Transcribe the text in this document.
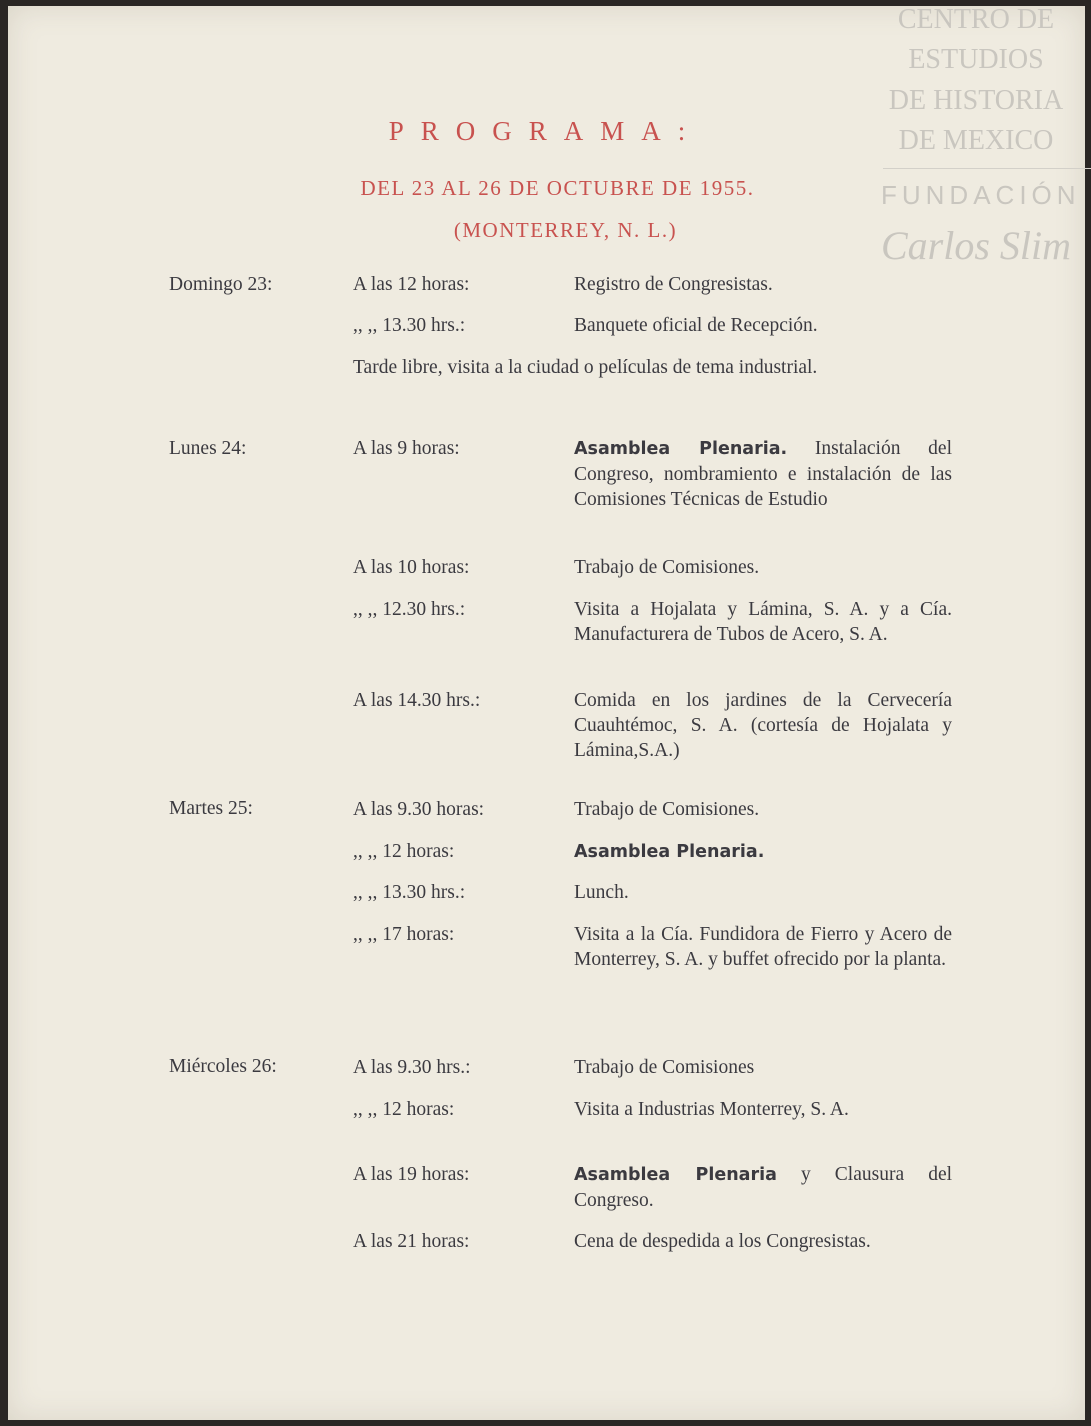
CENTRO DE
ESTUDIOS
DE HISTORIA
DE MEXICO
FUNDACIÓN
Carlos Slim
PROGRAMA:
DEL 23 AL 26 DE OCTUBRE DE 1955.
(MONTERREY, N. L.)
Domingo 23:	A las 12 horas:	Registro de Congresistas.
,, ,, 13.30 hrs.:	Banquete oficial de Recepción.
Tarde libre, visita a la ciudad o películas de tema industrial.
Lunes 24:	A las 9 horas:	Asamblea Plenaria. Instalación del Congreso, nombramiento e instalación de las Comisiones Técnicas de Estudio
A las 10 horas:	Trabajo de Comisiones.
,, ,, 12.30 hrs.:	Visita a Hojalata y Lámina, S. A. y a Cía. Manufacturera de Tubos de Acero, S. A.
A las 14.30 hrs.:	Comida en los jardines de la Cervecería Cuauhtémoc, S. A. (cortesía de Hojalata y Lámina,S.A.)
Martes 25:	A las 9.30 horas:	Trabajo de Comisiones.
,, ,, 12 horas:	Asamblea Plenaria.
,, ,, 13.30 hrs.:	Lunch.
,, ,, 17 horas:	Visita a la Cía. Fundidora de Fierro y Acero de Monterrey, S. A. y buffet ofrecido por la planta.
Miércoles 26:	A las 9.30 hrs.:	Trabajo de Comisiones
,, ,, 12 horas:	Visita a Industrias Monterrey, S. A.
A las 19 horas:	Asamblea Plenaria y Clausura del Congreso.
A las 21 horas:	Cena de despedida a los Congresistas.
